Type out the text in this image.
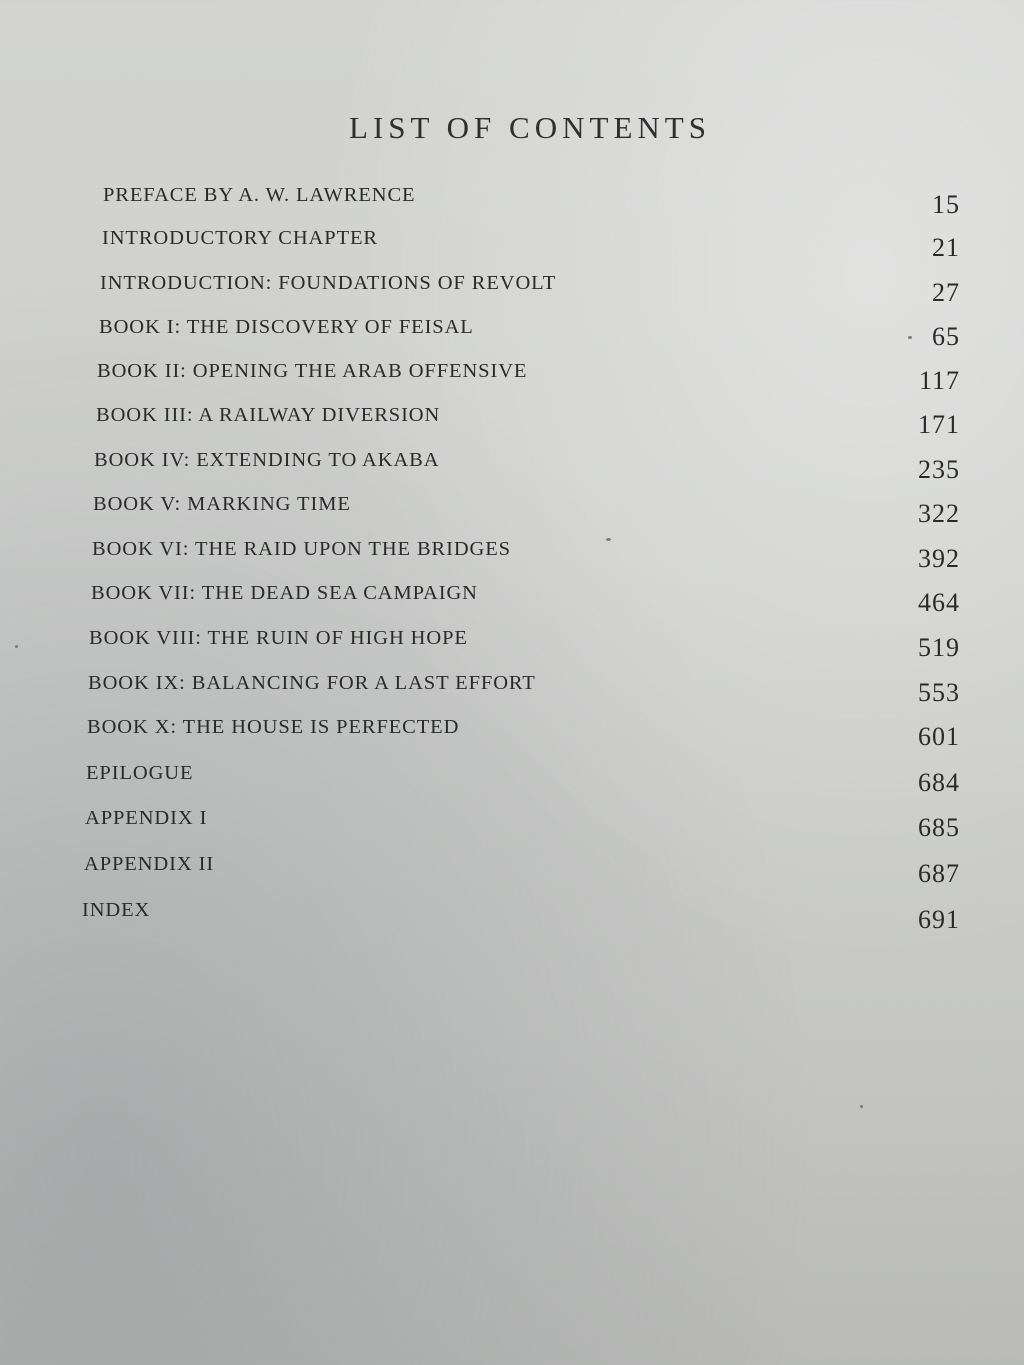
LIST OF CONTENTS
PREFACE BY A. W. LAWRENCE	15
INTRODUCTORY CHAPTER	21
INTRODUCTION: FOUNDATIONS OF REVOLT	27
BOOK I: THE DISCOVERY OF FEISAL	65
BOOK II: OPENING THE ARAB OFFENSIVE	117
BOOK III: A RAILWAY DIVERSION	171
BOOK IV: EXTENDING TO AKABA	235
BOOK V: MARKING TIME	322
BOOK VI: THE RAID UPON THE BRIDGES	392
BOOK VII: THE DEAD SEA CAMPAIGN	464
BOOK VIII: THE RUIN OF HIGH HOPE	519
BOOK IX: BALANCING FOR A LAST EFFORT	553
BOOK X: THE HOUSE IS PERFECTED	601
EPILOGUE	684
APPENDIX I	685
APPENDIX II	687
INDEX	691
